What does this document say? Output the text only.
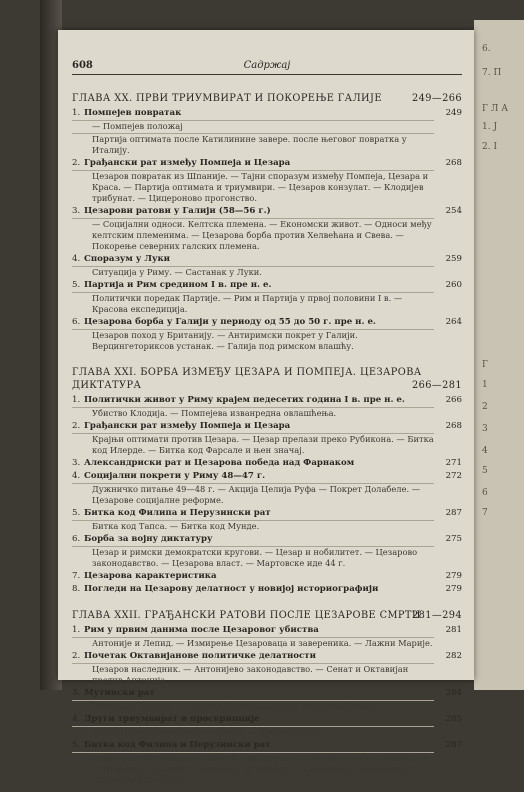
6.
7. П
Г Л А
1. Ј
2. І
Г
1
2
3
4
5
6
7
608	Садржај
ГЛАВА XX. ПРВИ ТРИУМВИРАТ И ПОКОРЕЊЕ ГАЛИЈЕ	249—266
1. Помпејев повратак	249
— Помпејев положај
Партија оптимата после Катилинине завере. после његовог повратка у Италију.
2. Грађански рат између Помпеја и Цезара	268
Цезаров повратак из Шпаније. — Тајни споразум између Помпеја, Цезара и Краса. — Партија оптимата и триумвири. — Цезаров конзулат. — Клодијев трибунат. — Цицероново прогонство.
3. Цезарови ратови у Галији (58—56 г.)	254
— Социјални односи. Келтска племена. — Економски живот. — Односи међу келтским племенима. — Цезарова борба против Хелвећана и Свева. — Покорење северних галских племена.
4. Споразум у Луки	259
Ситуација у Риму. — Састанак у Луки.
5. Партија и Рим средином I в. пре н. е.	260
Политички поредак Партије. — Рим и Партија у првој половини I в. — Красова експедиција.
6. Цезарова борба у Галији у периоду од 55 до 50 г. пре н. е.	264
Цезаров поход у Британију. — Антиримски покрет у Галији. Верцингеториксов устанак. — Галија под римском влашћу.
ГЛАВА XXI. БОРБА ИЗМЕЂУ ЦЕЗАРА И ПОМПЕЈА. ЦЕЗАРОВА ДИКТАТУРА	266—281
1. Политички живот у Риму крајем педесетих година I в. пре н. е.	266
Убиство Клодија. — Помпејева изванредна овлашћења.
2. Грађански рат између Помпеја и Цезара	268
Крајњи оптимати против Цезара. — Цезар прелази преко Рубикона. — Битка код Илерде. — Битка код Фарсале и њен значај.
3. Александриски рат и Цезарова победа над Фарнаком	271
4. Социјални покрети у Риму 48—47 г.	272
Дужничко питање 49—48 г. — Акција Целија Руфа — Покрет Долабеле. — Цезарове социјалне реформе.
5. Битка код Филипа и Перузински рат	287
Битка код Тапса. — Битка код Мунде.
6. Борба за војну диктатуру	275
Цезар и римски демократски кругови. — Цезар и нобилитет. — Цезарово законодавство. — Цезарова власт. — Мартовске иде 44 г.
7. Цезарова карактеристика	279
8. Погледи на Цезарову делатност у новијој историографији	279
ГЛАВА XXII. ГРАЂАНСКИ РАТОВИ ПОСЛЕ ЦЕЗАРОВЕ СМРТИ
281—294
1. Рим у првим данима после Цезаровог убиства	281
Антоније и Лепид. — Измирење Цезароваца и завереника. — Лажни Марије.
2. Почетак Октавијанове политичке делатности	282
Цезаров наследник. — Антонијево законодавство. — Сенат и Октавијан против Антонија.
3. Мутински рат	284
Битка код Мутине. — Сенат и Октавијан после Мутинске битке.
4. Други триумвират и проскрипције	285
Tres viri rei publicae constituendae. — Проскрипције.
5. Битка код Филипа и Перузински рат	287
Порез републиканаца. — Смрт Касија Брута. — Подела италског земљишта. — Немири у Италији. — Антоније на Истоку. — Споразум у Брундизију. — Споразум у Путеоли.
